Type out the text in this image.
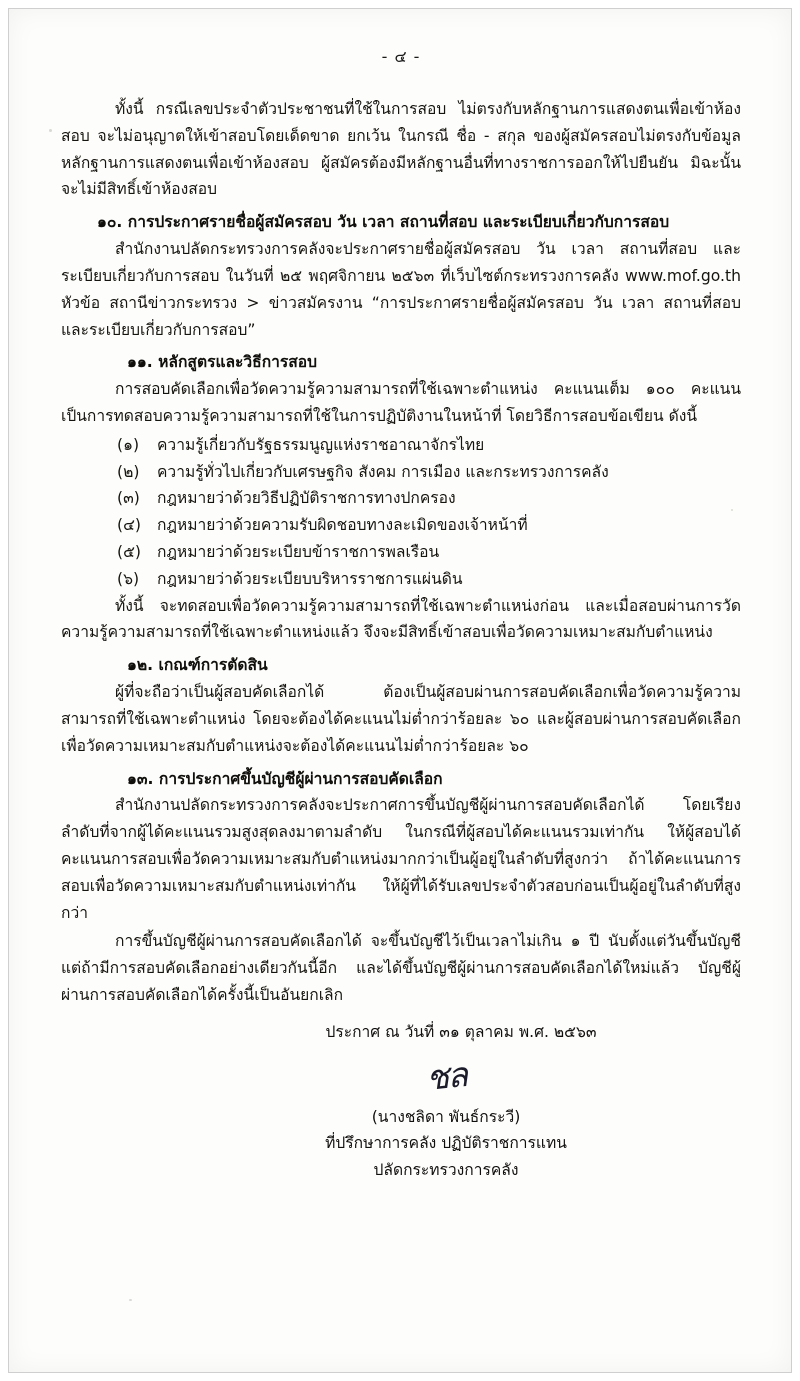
- ๔ -

ทั้งนี้ กรณีเลขประจำตัวประชาชนที่ใช้ในการสอบ ไม่ตรงกับหลักฐานการแสดงตนเพื่อเข้าห้องสอบ จะไม่อนุญาตให้เข้าสอบโดยเด็ดขาด ยกเว้น ในกรณี ชื่อ - สกุล ของผู้สมัครสอบไม่ตรงกับข้อมูลหลักฐานการแสดงตนเพื่อเข้าห้องสอบ ผู้สมัครต้องมีหลักฐานอื่นที่ทางราชการออกให้ไปยืนยัน มิฉะนั้นจะไม่มีสิทธิ์เข้าห้องสอบ

๑๐. การประกาศรายชื่อผู้สมัครสอบ วัน เวลา สถานที่สอบ และระเบียบเกี่ยวกับการสอบ

สำนักงานปลัดกระทรวงการคลังจะประกาศรายชื่อผู้สมัครสอบ วัน เวลา สถานที่สอบ และระเบียบเกี่ยวกับการสอบ ในวันที่ ๒๕ พฤศจิกายน ๒๕๖๓ ที่เว็บไซต์กระทรวงการคลัง www.mof.go.th หัวข้อ สถานีข่าวกระทรวง > ข่าวสมัครงาน “การประกาศรายชื่อผู้สมัครสอบ วัน เวลา สถานที่สอบ และระเบียบเกี่ยวกับการสอบ”

๑๑. หลักสูตรและวิธีการสอบ

การสอบคัดเลือกเพื่อวัดความรู้ความสามารถที่ใช้เฉพาะตำแหน่ง คะแนนเต็ม ๑๐๐ คะแนน เป็นการทดสอบความรู้ความสามารถที่ใช้ในการปฏิบัติงานในหน้าที่ โดยวิธีการสอบข้อเขียน ดังนี้

(๑)	ความรู้เกี่ยวกับรัฐธรรมนูญแห่งราชอาณาจักรไทย
(๒)	ความรู้ทั่วไปเกี่ยวกับเศรษฐกิจ สังคม การเมือง และกระทรวงการคลัง
(๓)	กฎหมายว่าด้วยวิธีปฏิบัติราชการทางปกครอง
(๔)	กฎหมายว่าด้วยความรับผิดชอบทางละเมิดของเจ้าหน้าที่
(๕)	กฎหมายว่าด้วยระเบียบข้าราชการพลเรือน
(๖)	กฎหมายว่าด้วยระเบียบบริหารราชการแผ่นดิน

ทั้งนี้ จะทดสอบเพื่อวัดความรู้ความสามารถที่ใช้เฉพาะตำแหน่งก่อน และเมื่อสอบผ่านการวัดความรู้ความสามารถที่ใช้เฉพาะตำแหน่งแล้ว จึงจะมีสิทธิ์เข้าสอบเพื่อวัดความเหมาะสมกับตำแหน่ง

๑๒. เกณฑ์การตัดสิน

ผู้ที่จะถือว่าเป็นผู้สอบคัดเลือกได้ ต้องเป็นผู้สอบผ่านการสอบคัดเลือกเพื่อวัดความรู้ความสามารถที่ใช้เฉพาะตำแหน่ง โดยจะต้องได้คะแนนไม่ต่ำกว่าร้อยละ ๖๐ และผู้สอบผ่านการสอบคัดเลือกเพื่อวัดความเหมาะสมกับตำแหน่งจะต้องได้คะแนนไม่ต่ำกว่าร้อยละ ๖๐

๑๓. การประกาศขึ้นบัญชีผู้ผ่านการสอบคัดเลือก

สำนักงานปลัดกระทรวงการคลังจะประกาศการขึ้นบัญชีผู้ผ่านการสอบคัดเลือกได้ โดยเรียงลำดับที่จากผู้ได้คะแนนรวมสูงสุดลงมาตามลำดับ ในกรณีที่ผู้สอบได้คะแนนรวมเท่ากัน ให้ผู้สอบได้คะแนนการสอบเพื่อวัดความเหมาะสมกับตำแหน่งมากกว่าเป็นผู้อยู่ในลำดับที่สูงกว่า ถ้าได้คะแนนการสอบเพื่อวัดความเหมาะสมกับตำแหน่งเท่ากัน ให้ผู้ที่ได้รับเลขประจำตัวสอบก่อนเป็นผู้อยู่ในลำดับที่สูงกว่า

การขึ้นบัญชีผู้ผ่านการสอบคัดเลือกได้ จะขึ้นบัญชีไว้เป็นเวลาไม่เกิน ๑ ปี นับตั้งแต่วันขึ้นบัญชี แต่ถ้ามีการสอบคัดเลือกอย่างเดียวกันนี้อีก และได้ขึ้นบัญชีผู้ผ่านการสอบคัดเลือกได้ใหม่แล้ว บัญชีผู้ผ่านการสอบคัดเลือกได้ครั้งนี้เป็นอันยกเลิก

ประกาศ ณ วันที่ ๓๑ ตุลาคม พ.ศ. ๒๕๖๓
ชล
(นางชลิดา พันธ์กระวี)
ที่ปรึกษาการคลัง ปฏิบัติราชการแทน
ปลัดกระทรวงการคลัง
